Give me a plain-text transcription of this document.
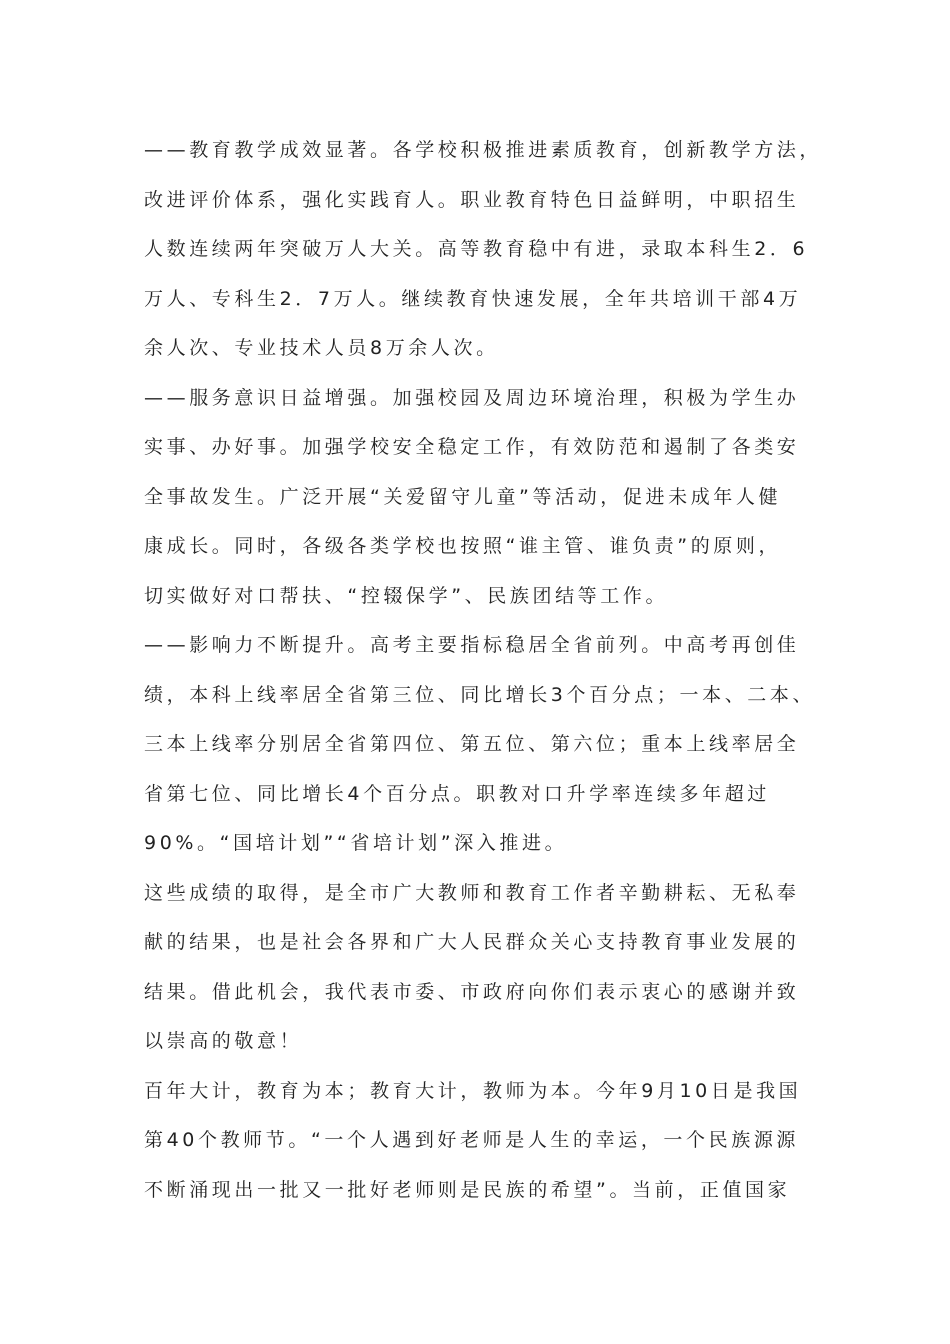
——教育教学成效显著。各学校积极推进素质教育，创新教学方法，
改进评价体系，强化实践育人。职业教育特色日益鲜明，中职招生
人数连续两年突破万人大关。高等教育稳中有进，录取本科生2．6
万人、专科生2．7万人。继续教育快速发展，全年共培训干部4万
余人次、专业技术人员8万余人次。
——服务意识日益增强。加强校园及周边环境治理，积极为学生办
实事、办好事。加强学校安全稳定工作，有效防范和遏制了各类安
全事故发生。广泛开展“关爱留守儿童”等活动，促进未成年人健
康成长。同时，各级各类学校也按照“谁主管、谁负责”的原则，
切实做好对口帮扶、“控辍保学”、民族团结等工作。
——影响力不断提升。高考主要指标稳居全省前列。中高考再创佳
绩，本科上线率居全省第三位、同比增长3个百分点；一本、二本、
三本上线率分别居全省第四位、第五位、第六位；重本上线率居全
省第七位、同比增长4个百分点。职教对口升学率连续多年超过
90%。“国培计划”“省培计划”深入推进。
这些成绩的取得，是全市广大教师和教育工作者辛勤耕耘、无私奉
献的结果，也是社会各界和广大人民群众关心支持教育事业发展的
结果。借此机会，我代表市委、市政府向你们表示衷心的感谢并致
以崇高的敬意！
百年大计，教育为本；教育大计，教师为本。今年9月10日是我国
第40个教师节。“一个人遇到好老师是人生的幸运，一个民族源源
不断涌现出一批又一批好老师则是民族的希望”。当前，正值国家
